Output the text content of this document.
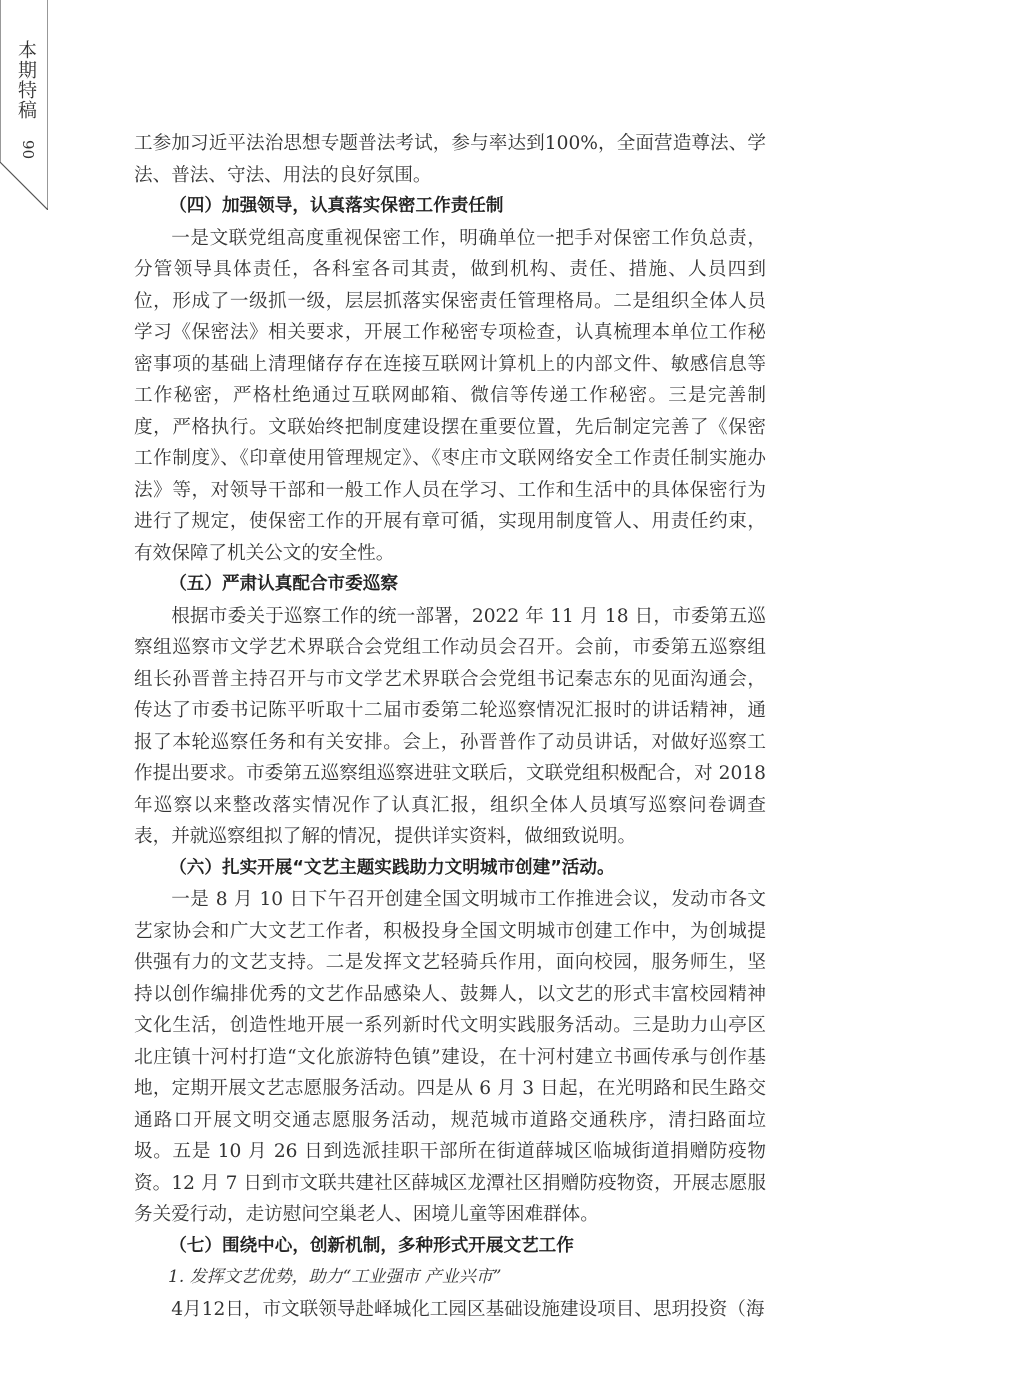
本期特稿
06	工参加习近平法治思想专题普法考试，参与率达到100%，全面营造尊法、学法、普法、守法、用法的良好氛围。

（四）加强领导，认真落实保密工作责任制

一是文联党组高度重视保密工作，明确单位一把手对保密工作负总责，分管领导具体责任，各科室各司其责，做到机构、责任、措施、人员四到位，形成了一级抓一级，层层抓落实保密责任管理格局。二是组织全体人员学习《保密法》相关要求，开展工作秘密专项检查，认真梳理本单位工作秘密事项的基础上清理储存存在连接互联网计算机上的内部文件、敏感信息等工作秘密，严格杜绝通过互联网邮箱、微信等传递工作秘密。三是完善制度，严格执行。文联始终把制度建设摆在重要位置，先后制定完善了《保密工作制度》、《印章使用管理规定》、《枣庄市文联网络安全工作责任制实施办法》等，对领导干部和一般工作人员在学习、工作和生活中的具体保密行为进行了规定，使保密工作的开展有章可循，实现用制度管人、用责任约束，有效保障了机关公文的安全性。

（五）严肃认真配合市委巡察

根据市委关于巡察工作的统一部署，2022 年 11 月 18 日，市委第五巡察组巡察市文学艺术界联合会党组工作动员会召开。会前，市委第五巡察组组长孙晋普主持召开与市文学艺术界联合会党组书记秦志东的见面沟通会，传达了市委书记陈平听取十二届市委第二轮巡察情况汇报时的讲话精神，通报了本轮巡察任务和有关安排。会上，孙晋普作了动员讲话，对做好巡察工作提出要求。市委第五巡察组巡察进驻文联后，文联党组积极配合，对 2018 年巡察以来整改落实情况作了认真汇报，组织全体人员填写巡察问卷调查表，并就巡察组拟了解的情况，提供详实资料，做细致说明。

（六）扎实开展“文艺主题实践助力文明城市创建”活动。

一是 8 月 10 日下午召开创建全国文明城市工作推进会议，发动市各文艺家协会和广大文艺工作者，积极投身全国文明城市创建工作中，为创城提供强有力的文艺支持。二是发挥文艺轻骑兵作用，面向校园，服务师生，坚持以创作编排优秀的文艺作品感染人、鼓舞人，以文艺的形式丰富校园精神文化生活，创造性地开展一系列新时代文明实践服务活动。三是助力山亭区北庄镇十河村打造“文化旅游特色镇”建设，在十河村建立书画传承与创作基地，定期开展文艺志愿服务活动。四是从 6 月 3 日起，在光明路和民生路交通路口开展文明交通志愿服务活动，规范城市道路交通秩序，清扫路面垃圾。五是 10 月 26 日到选派挂职干部所在街道薛城区临城街道捐赠防疫物资。12 月 7 日到市文联共建社区薛城区龙潭社区捐赠防疫物资，开展志愿服务关爱行动，走访慰问空巢老人、困境儿童等困难群体。

（七）围绕中心，创新机制，多种形式开展文艺工作

1. 发挥文艺优势，助力“工业强市 产业兴市”

4月12日，市文联领导赴峄城化工园区基础设施建设项目、思玥投资（海
